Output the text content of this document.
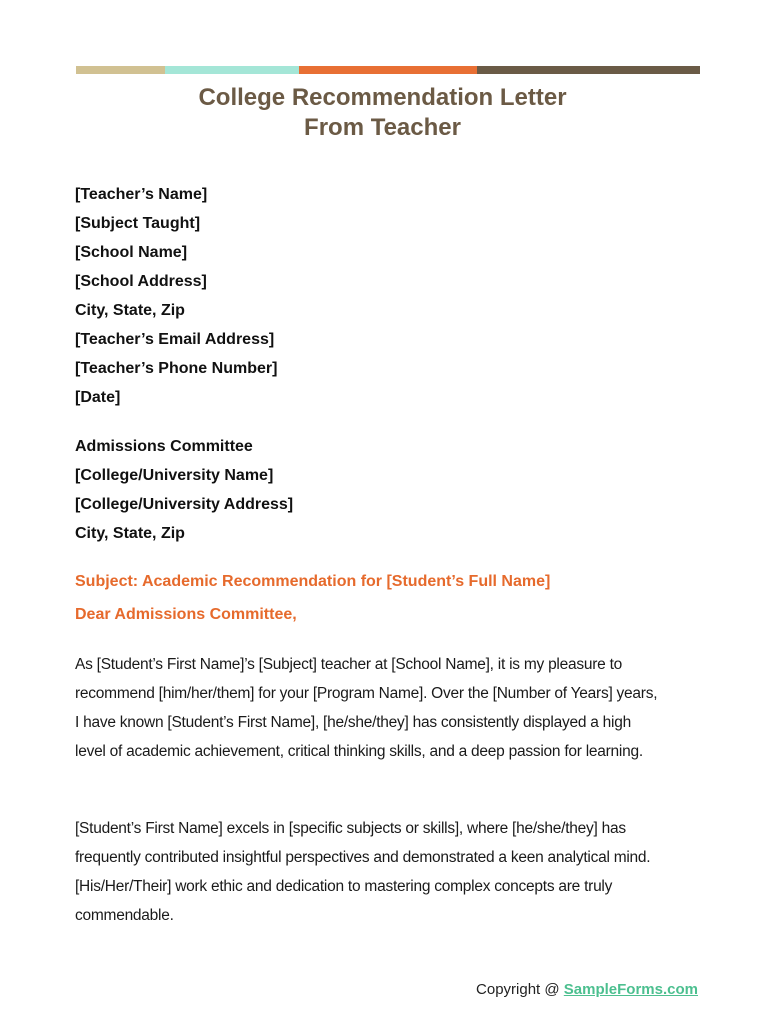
College Recommendation Letter
From Teacher
[Teacher’s Name]
[Subject Taught]
[School Name]
[School Address]
City, State, Zip
[Teacher’s Email Address]
[Teacher’s Phone Number]
[Date]
Admissions Committee
[College/University Name]
[College/University Address]
City, State, Zip
Subject: Academic Recommendation for [Student’s Full Name]
Dear Admissions Committee,
As [Student’s First Name]’s [Subject] teacher at [School Name], it is my pleasure to
recommend [him/her/them] for your [Program Name]. Over the [Number of Years] years,
I have known [Student’s First Name], [he/she/they] has consistently displayed a high
level of academic achievement, critical thinking skills, and a deep passion for learning.
[Student’s First Name] excels in [specific subjects or skills], where [he/she/they] has
frequently contributed insightful perspectives and demonstrated a keen analytical mind.
[His/Her/Their] work ethic and dedication to mastering complex concepts are truly
commendable.
Copyright @ SampleForms.com
